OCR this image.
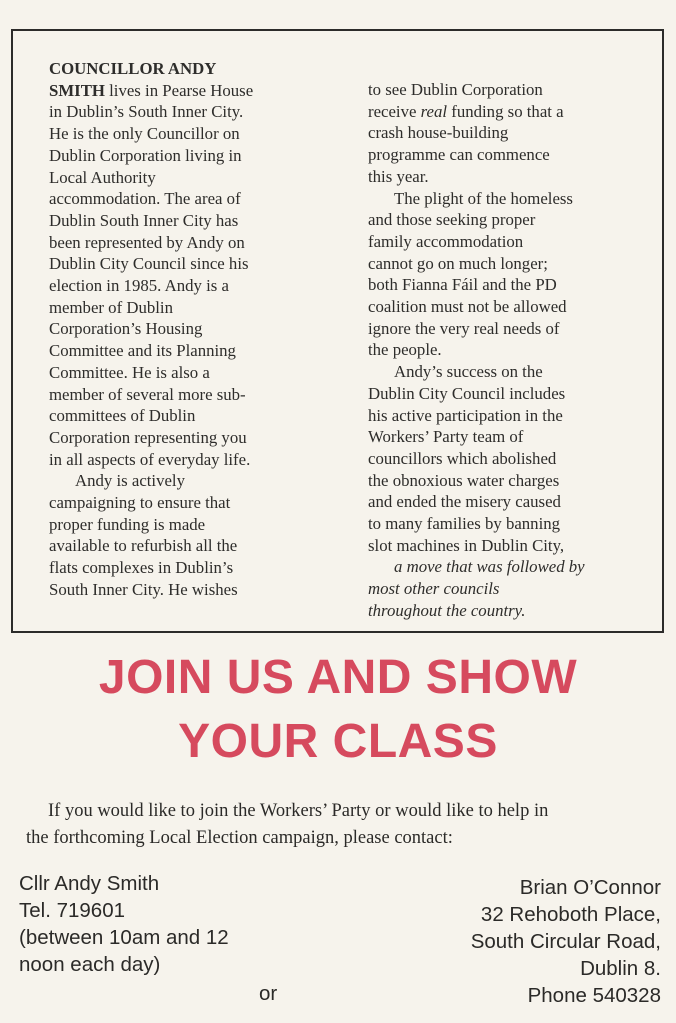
COUNCILLOR ANDY
SMITH lives in Pearse House
in Dublin’s South Inner City.
He is the only Councillor on
Dublin Corporation living in
Local Authority
accommodation. The area of
Dublin South Inner City has
been represented by Andy on
Dublin City Council since his
election in 1985. Andy is a
member of Dublin
Corporation’s Housing
Committee and its Planning
Committee. He is also a
member of several more sub-
committees of Dublin
Corporation representing you
in all aspects of everyday life.
Andy is actively
campaigning to ensure that
proper funding is made
available to refurbish all the
flats complexes in Dublin’s
South Inner City. He wishes
to see Dublin Corporation
receive real funding so that a
crash house-building
programme can commence
this year.
The plight of the homeless
and those seeking proper
family accommodation
cannot go on much longer;
both Fianna Fáil and the PD
coalition must not be allowed
ignore the very real needs of
the people.
Andy’s success on the
Dublin City Council includes
his active participation in the
Workers’ Party team of
councillors which abolished
the obnoxious water charges
and ended the misery caused
to many families by banning
slot machines in Dublin City,
a move that was followed by
most other councils
throughout the country.
JOIN US AND SHOW
YOUR CLASS
If you would like to join the Workers’ Party or would like to help in
the forthcoming Local Election campaign, please contact:
Cllr Andy Smith
Tel. 719601
(between 10am and 12
noon each day)
or
Brian O’Connor
32 Rehoboth Place,
South Circular Road,
Dublin 8.
Phone 540328
